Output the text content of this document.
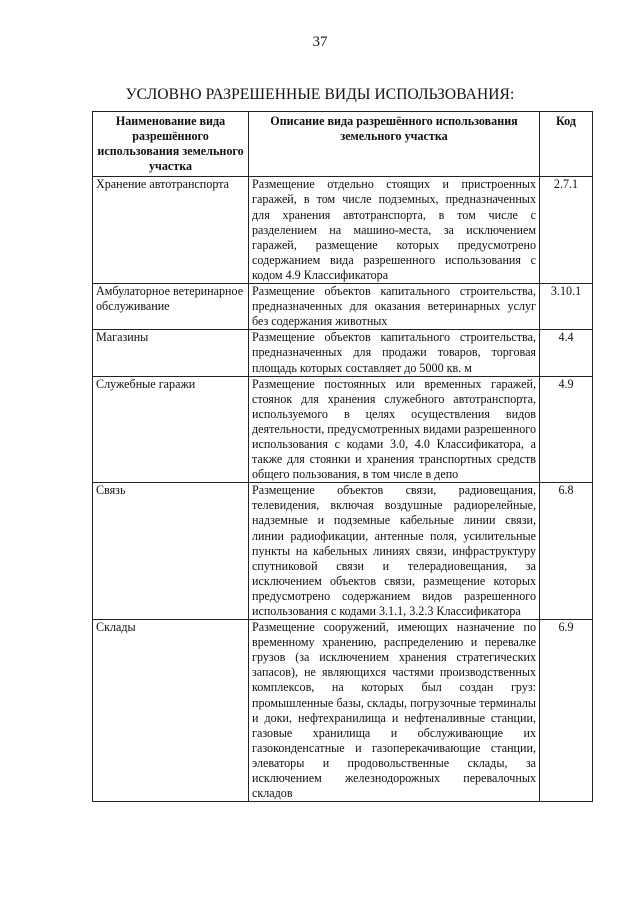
37
УСЛОВНО РАЗРЕШЕННЫЕ ВИДЫ ИСПОЛЬЗОВАНИЯ:
Наименование вида разрешённого использования земельного участка	Описание вида разрешённого использования земельного участка	Код
Хранение автотранспорта	Размещение отдельно стоящих и пристроенных гаражей, в том числе подземных, предназначенных для хранения автотранспорта, в том числе с разделением на машино-места, за исключением гаражей, размещение которых предусмотрено содержанием вида разрешенного использования с кодом 4.9 Классификатора	2.7.1
Амбулаторное ветеринарное обслуживание	Размещение объектов капитального строительства, предназначенных для оказания ветеринарных услуг без содержания животных	3.10.1
Магазины	Размещение объектов капитального строительства, предназначенных для продажи товаров, торговая площадь которых составляет до 5000 кв. м	4.4
Служебные гаражи	Размещение постоянных или временных гаражей, стоянок для хранения служебного автотранспорта, используемого в целях осуществления видов деятельности, предусмотренных видами разрешенного использования с кодами 3.0, 4.0 Классификатора, а также для стоянки и хранения транспортных средств общего пользования, в том числе в депо	4.9
Связь	Размещение объектов связи, радиовещания, телевидения, включая воздушные радиорелейные, надземные и подземные кабельные линии связи, линии радиофикации, антенные поля, усилительные пункты на кабельных линиях связи, инфраструктуру спутниковой связи и телерадиовещания, за исключением объектов связи, размещение которых предусмотрено содержанием видов разрешенного использования с кодами 3.1.1, 3.2.3 Классификатора	6.8
Склады	Размещение сооружений, имеющих назначение по временному хранению, распределению и перевалке грузов (за исключением хранения стратегических запасов), не являющихся частями производственных комплексов, на которых был создан груз: промышленные базы, склады, погрузочные терминалы и доки, нефтехранилища и нефтеналивные станции, газовые хранилища и обслуживающие их газоконденсатные и газоперекачивающие станции, элеваторы и продовольственные склады, за исключением железнодорожных перевалочных складов	6.9
